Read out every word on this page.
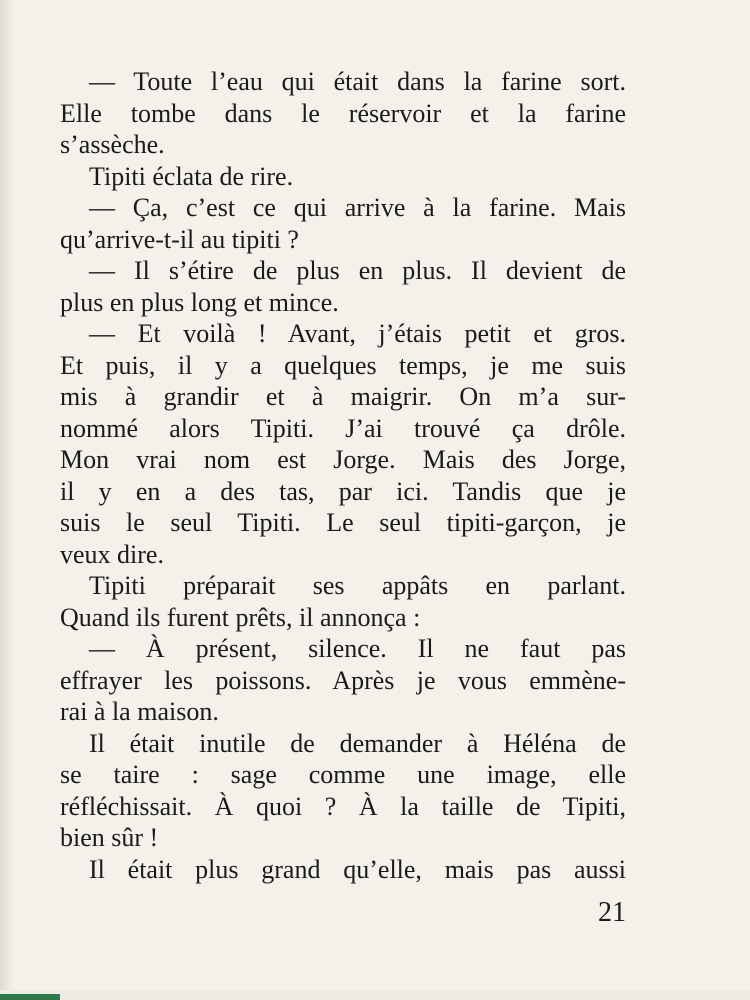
— Toute l’eau qui était dans la farine sort.
Elle tombe dans le réservoir et la farine
s’assèche.
Tipiti éclata de rire.
— Ça, c’est ce qui arrive à la farine. Mais
qu’arrive-t-il au tipiti ?
— Il s’étire de plus en plus. Il devient de
plus en plus long et mince.
— Et voilà ! Avant, j’étais petit et gros.
Et puis, il y a quelques temps, je me suis
mis à grandir et à maigrir. On m’a sur-
nommé alors Tipiti. J’ai trouvé ça drôle.
Mon vrai nom est Jorge. Mais des Jorge,
il y en a des tas, par ici. Tandis que je
suis le seul Tipiti. Le seul tipiti-garçon, je
veux dire.
Tipiti préparait ses appâts en parlant.
Quand ils furent prêts, il annonça :
— À présent, silence. Il ne faut pas
effrayer les poissons. Après je vous emmène-
rai à la maison.
Il était inutile de demander à Héléna de
se taire : sage comme une image, elle
réfléchissait. À quoi ? À la taille de Tipiti,
bien sûr !
Il était plus grand qu’elle, mais pas aussi
21
